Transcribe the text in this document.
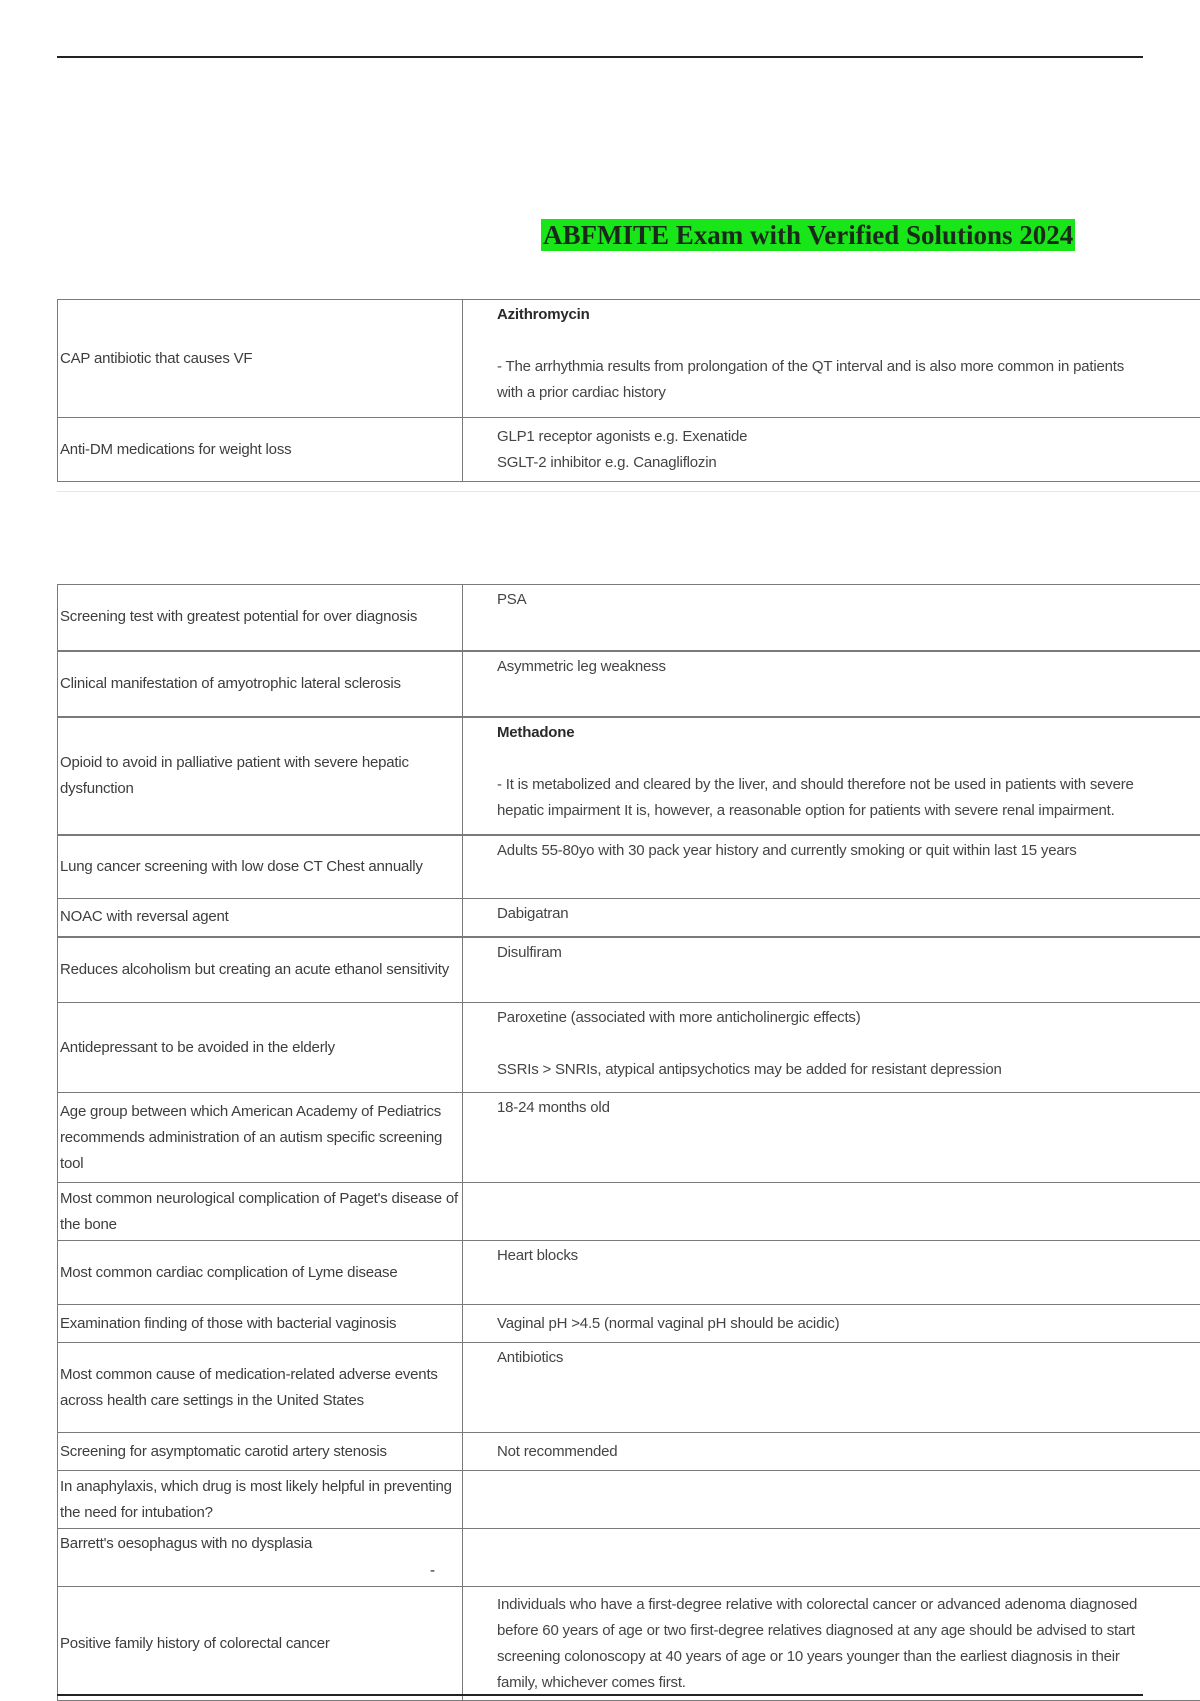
ABFMITE Exam with Verified Solutions 2024
CAP antibiotic that causes VF	Azithromycin
- The arrhythmia results from prolongation of the QT interval and is also more common in patients
with a prior cardiac history

Anti-DM medications for weight loss	GLP1 receptor agonists e.g. Exenatide
SGLT-2 inhibitor e.g. Canagliflozin
Screening test with greatest potential for over diagnosis	PSA
Clinical manifestation of amyotrophic lateral sclerosis	Asymmetric leg weakness
Opioid to avoid in palliative patient with severe hepatic dysfunction	Methadone
- It is metabolized and cleared by the liver, and should therefore not be used in patients with severe
hepatic impairment It is, however, a reasonable option for patients with severe renal impairment.

Lung cancer screening with low dose CT Chest annually	Adults 55-80yo with 30 pack year history and currently smoking or quit within last 15 years
NOAC with reversal agent	Dabigatran
Reduces alcoholism but creating an acute ethanol sensitivity	Disulfiram
Antidepressant to be avoided in the elderly	Paroxetine (associated with more anticholinergic effects)
SSRIs > SNRIs, atypical antipsychotics may be added for resistant depression

Age group between which American Academy of Pediatrics recommends administration of an autism specific screening tool	18-24 months old
Most common neurological complication of Paget's disease of the bone	
Most common cardiac complication of Lyme disease	Heart blocks
Examination finding of those with bacterial vaginosis	Vaginal pH >4.5 (normal vaginal pH should be acidic)
Most common cause of medication-related adverse events across health care settings in the United States	Antibiotics
Screening for asymptomatic carotid artery stenosis	Not recommended
In anaphylaxis, which drug is most likely helpful in preventing the need for intubation?	
Barrett's oesophagus with no dysplasia	
Positive family history of colorectal cancer	Individuals who have a first-degree relative with colorectal cancer or advanced adenoma diagnosed
before 60 years of age or two first-degree relatives diagnosed at any age should be advised to start
screening colonoscopy at 40 years of age or 10 years younger than the earliest diagnosis in their
family, whichever comes first.
-
